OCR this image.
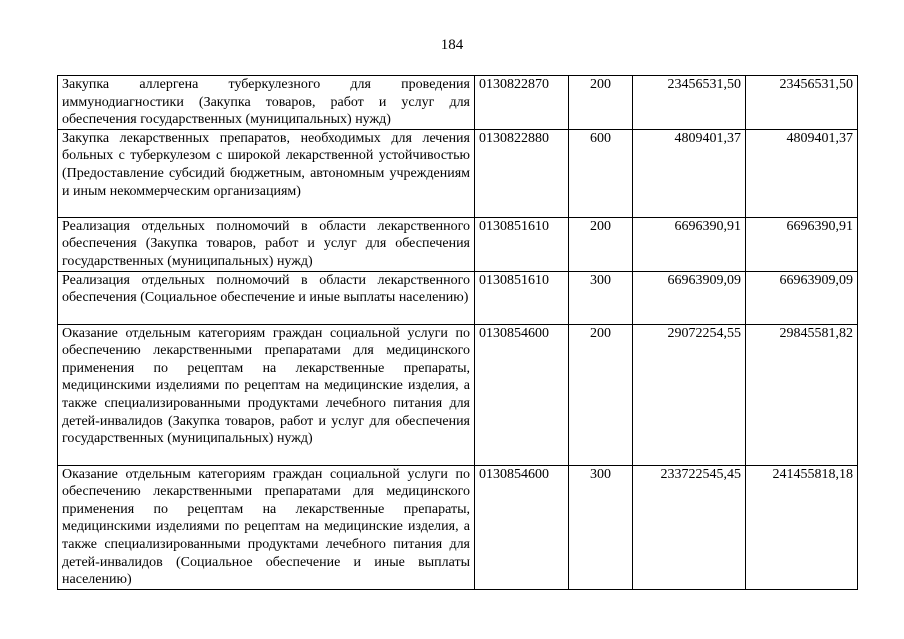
184
Закупка аллергена туберкулезного для проведения иммунодиагностики (Закупка товаров, работ и услуг для обеспечения государственных (муниципальных) нужд)	0130822870	200	23456531,50	23456531,50
Закупка лекарственных препаратов, необходимых для лечения больных с туберкулезом с широкой лекарственной устойчивостью (Предоставление субсидий бюджетным, автономным учреждениям и иным некоммерческим организациям)	0130822880	600	4809401,37	4809401,37
Реализация отдельных полномочий в области лекарственного обеспечения (Закупка товаров, работ и услуг для обеспечения государственных (муниципальных) нужд)	0130851610	200	6696390,91	6696390,91
Реализация отдельных полномочий в области лекарственного обеспечения (Социальное обеспечение и иные выплаты населению)	0130851610	300	66963909,09	66963909,09
Оказание отдельным категориям граждан социальной услуги по обеспечению лекарственными препаратами для медицинского применения по рецептам на лекарственные препараты, медицинскими изделиями по рецептам на медицинские изделия, а также специализированными продуктами лечебного питания для детей-инвалидов (Закупка товаров, работ и услуг для обеспечения государственных (муниципальных) нужд)	0130854600	200	29072254,55	29845581,82
Оказание отдельным категориям граждан социальной услуги по обеспечению лекарственными препаратами для медицинского применения по рецептам на лекарственные препараты, медицинскими изделиями по рецептам на медицинские изделия, а также специализированными продуктами лечебного питания для детей-инвалидов (Социальное обеспечение и иные выплаты населению)	0130854600	300	233722545,45	241455818,18
